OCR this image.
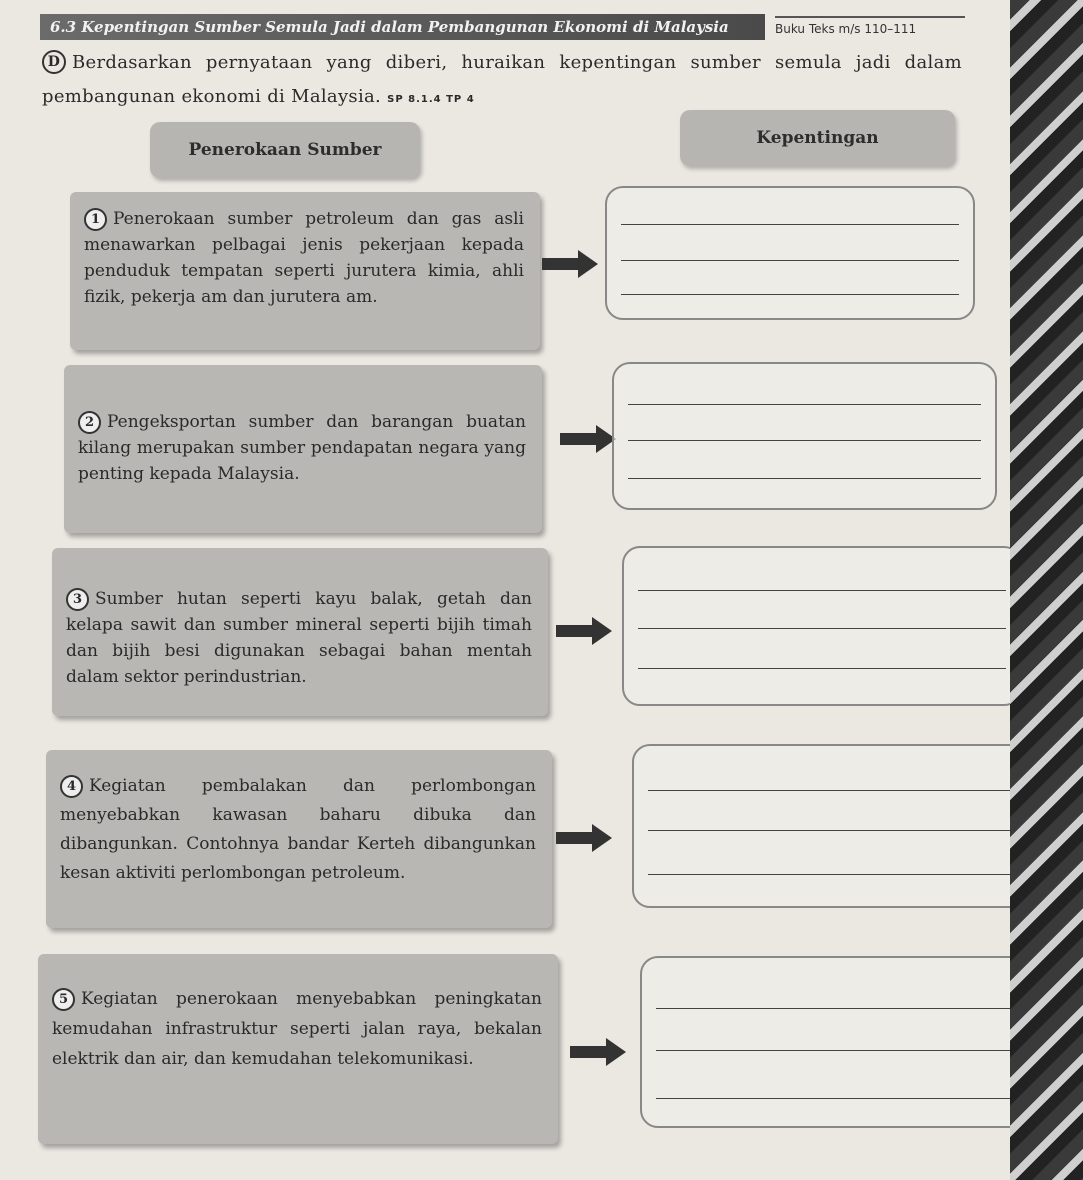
6.3 Kepentingan Sumber Semula Jadi dalam Pembangunan Ekonomi di Malaysia	Buku Teks m/s 110–111
D Berdasarkan pernyataan yang diberi, huraikan kepentingan sumber semula jadi dalam pembangunan ekonomi di Malaysia. SP 8.1.4 TP 4
Penerokaan Sumber
Kepentingan
1 Penerokaan sumber petroleum dan gas asli menawarkan pelbagai jenis pekerjaan kepada penduduk tempatan seperti jurutera kimia, ahli fizik, pekerja am dan jurutera am.
2 Pengeksportan sumber dan barangan buatan kilang merupakan sumber pendapatan negara yang penting kepada Malaysia.
3 Sumber hutan seperti kayu balak, getah dan kelapa sawit dan sumber mineral seperti bijih timah dan bijih besi digunakan sebagai bahan mentah dalam sektor perindustrian.
4 Kegiatan pembalakan dan perlombongan menyebabkan kawasan baharu dibuka dan dibangunkan. Contohnya bandar Kerteh dibangunkan kesan aktiviti perlombongan petroleum.
5 Kegiatan penerokaan menyebabkan peningkatan kemudahan infrastruktur seperti jalan raya, bekalan elektrik dan air, dan kemudahan telekomunikasi.
